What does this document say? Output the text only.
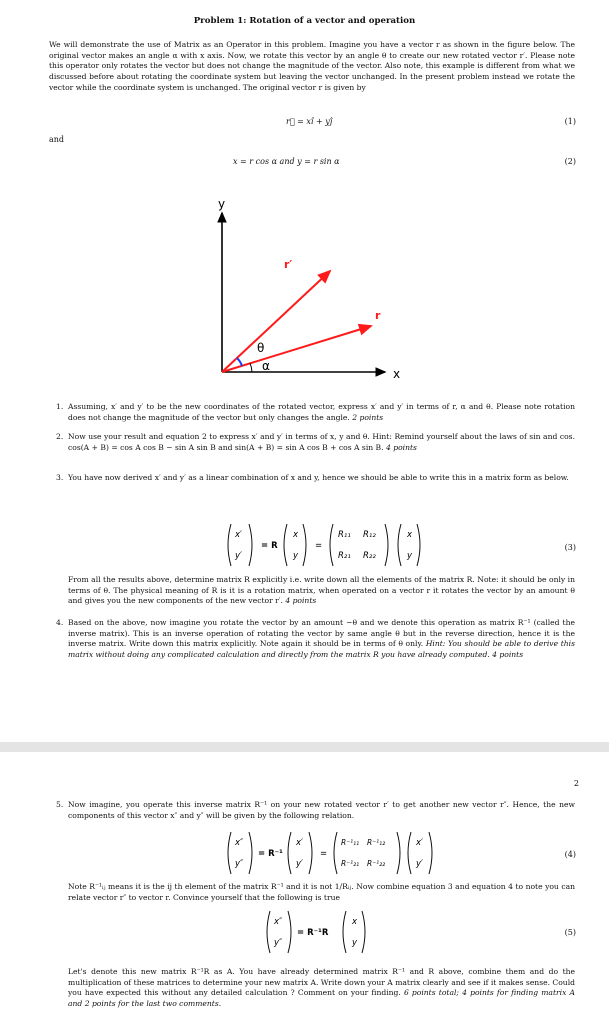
Problem 1: Rotation of a vector and operation
We will demonstrate the use of Matrix as an Operator in this problem. Imagine you have a vector r as shown in the figure below. The original vector makes an angle α with x axis. Now, we rotate this vector by an angle θ to create our new rotated vector r′. Please note this operator only rotates the vector but does not change the magnitude of the vector. Also note, this example is different from what we discussed before about rotating the coordinate system but leaving the vector unchanged. In the present problem instead we rotate the vector while the coordinate system is unchanged. The original vector r is given by
r⃗ = xî + yĵ	(1)
and
x = r cos α and y = r sin α	(2)
y
x
r′
r
θ
α
1. Assuming, x′ and y′ to be the new coordinates of the rotated vector, express x′ and y′ in terms of r, α and θ. Please note rotation does not change the magnitude of the vector but only changes the angle. 2 points
2. Now use your result and equation 2 to express x′ and y′ in terms of x, y and θ. Hint: Remind yourself about the laws of sin and cos. cos(A + B) = cos A cos B − sin A sin B and sin(A + B) = sin A cos B + cos A sin B. 4 points
3. You have now derived x′ and y′ as a linear combination of x and y, hence we should be able to write this in a matrix form as below.
x′
y′
= R
x
y
=
R₁₁ R₁₂
R₂₁ R₂₂
x
y
(3)
From all the results above, determine matrix R explicitly i.e. write down all the elements of the matrix R. Note: it should be only in terms of θ. The physical meaning of R is it is a rotation matrix, when operated on a vector r it rotates the vector by an amount θ and gives you the new components of the new vector r′. 4 points
4. Based on the above, now imagine you rotate the vector by an amount −θ and we denote this operation as matrix R⁻¹ (called the inverse matrix). This is an inverse operation of rotating the vector by same angle θ but in the reverse direction, hence it is the inverse matrix. Write down this matrix explicitly. Note again it should be in terms of θ only. Hint: You should be able to derive this matrix without doing any complicated calculation and directly from the matrix R you have already computed. 4 points
2
5. Now imagine, you operate this inverse matrix R⁻¹ on your new rotated vector r′ to get another new vector r″. Hence, the new components of this vector x″ and y″ will be given by the following relation.
x″
y″
= R⁻¹
x′
y′
=
R⁻¹₁₁ R⁻¹₁₂
R⁻¹₂₁ R⁻¹₂₂
x′
y′
(4)
Note R⁻¹ᵢⱼ means it is the ij th element of the matrix R⁻¹ and it is not 1/Rᵢⱼ. Now combine equation 3 and equation 4 to note you can relate vector r″ to vector r. Convince yourself that the following is true
x″
y″
= R⁻¹R
x
y
(5)
Let's denote this new matrix R⁻¹R as A. You have already determined matrix R⁻¹ and R above, combine them and do the multiplication of these matrices to determine your new matrix A. Write down your A matrix clearly and see if it makes sense. Could you have expected this without any detailed calculation ? Comment on your finding. 6 points total; 4 points for finding matrix A and 2 points for the last two comments.
